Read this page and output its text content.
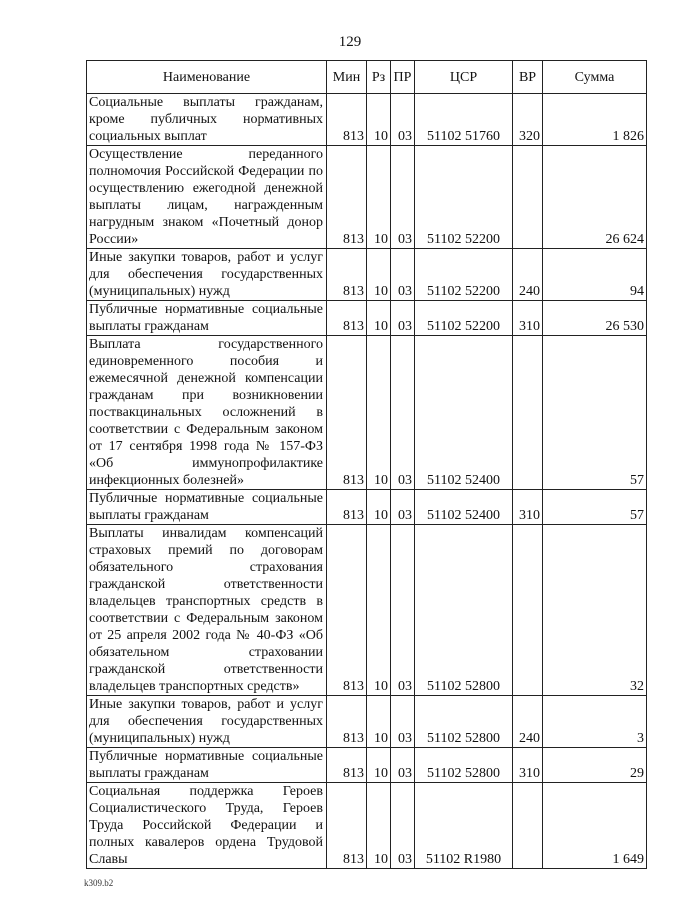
129
Наименование	Мин	Рз	ПР	ЦСР	ВР	Сумма
Социальные выплаты гражданам, кроме публичных нормативных социальных выплат	813	10	03	51102 51760	320	1 826
Осуществление переданного полномочия Российской Федерации по осуществлению ежегодной денежной выплаты лицам, награжденным нагрудным знаком «Почетный донор России»	813	10	03	51102 52200		26 624
Иные закупки товаров, работ и услуг для обеспечения государственных (муниципальных) нужд	813	10	03	51102 52200	240	94
Публичные нормативные социальные выплаты гражданам	813	10	03	51102 52200	310	26 530
Выплата государственного единовременного пособия и ежемесячной денежной компенсации гражданам при возникновении поствакцинальных осложнений в соответствии с Федеральным законом от 17 сентября 1998 года № 157-ФЗ «Об иммунопрофилактике инфекционных болезней»	813	10	03	51102 52400		57
Публичные нормативные социальные выплаты гражданам	813	10	03	51102 52400	310	57
Выплаты инвалидам компенсаций страховых премий по договорам обязательного страхования гражданской ответственности владельцев транспортных средств в соответствии с Федеральным законом от 25 апреля 2002 года № 40-ФЗ «Об обязательном страховании гражданской ответственности владельцев транспортных средств»	813	10	03	51102 52800		32
Иные закупки товаров, работ и услуг для обеспечения государственных (муниципальных) нужд	813	10	03	51102 52800	240	3
Публичные нормативные социальные выплаты гражданам	813	10	03	51102 52800	310	29
Социальная поддержка Героев Социалистического Труда, Героев Труда Российской Федерации и полных кавалеров ордена Трудовой Славы	813	10	03	51102 R1980		1 649
k309.b2
